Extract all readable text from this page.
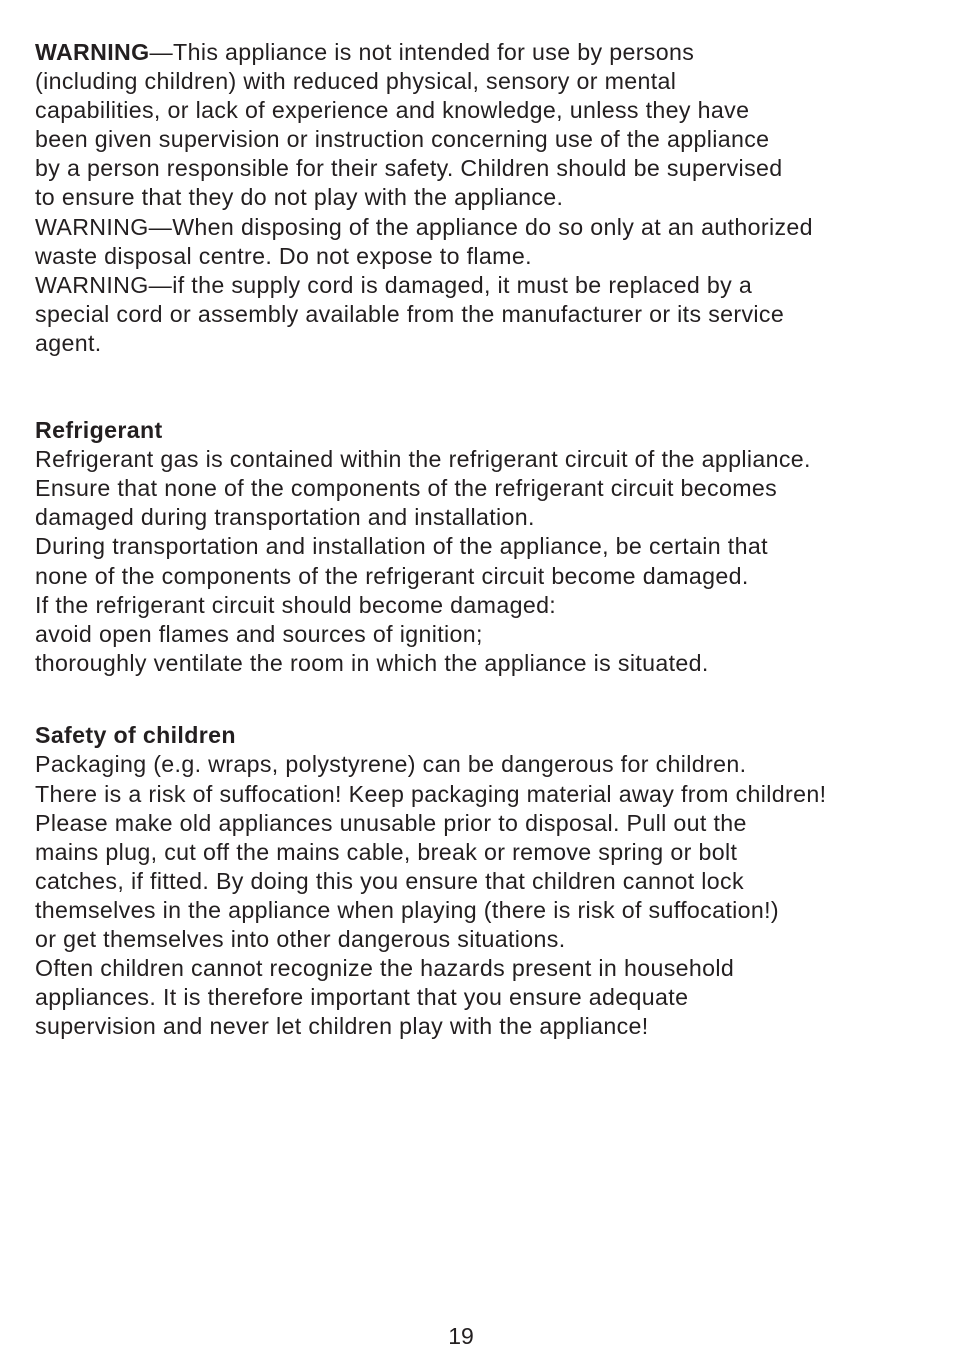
WARNING—This appliance is not intended for use by persons
(including children) with reduced physical, sensory or mental
capabilities, or lack of experience and knowledge, unless they have
been given supervision or instruction concerning use of the appliance
by a person responsible for their safety. Children should be supervised
to ensure that they do not play with the appliance.
WARNING—When disposing of the appliance do so only at an authorized
waste disposal centre. Do not expose to flame.
WARNING—if the supply cord is damaged, it must be replaced by a
special cord or assembly available from the manufacturer or its service
agent.
Refrigerant
Refrigerant gas is contained within the refrigerant circuit of the appliance.
Ensure that none of the components of the refrigerant circuit becomes
damaged during transportation and installation.
During transportation and installation of the appliance, be certain that
none of the components of the refrigerant circuit become damaged.
If the refrigerant circuit should become damaged:
avoid open flames and sources of ignition;
thoroughly ventilate the room in which the appliance is situated.
Safety of children
Packaging (e.g. wraps, polystyrene) can be dangerous for children.
There is a risk of suffocation! Keep packaging material away from children!
Please make old appliances unusable prior to disposal. Pull out the
mains plug, cut off the mains cable, break or remove spring or bolt
catches, if fitted. By doing this you ensure that children cannot lock
themselves in the appliance when playing (there is risk of suffocation!)
or get themselves into other dangerous situations.
Often children cannot recognize the hazards present in household
appliances. It is therefore important that you ensure adequate
supervision and never let children play with the appliance!
19
